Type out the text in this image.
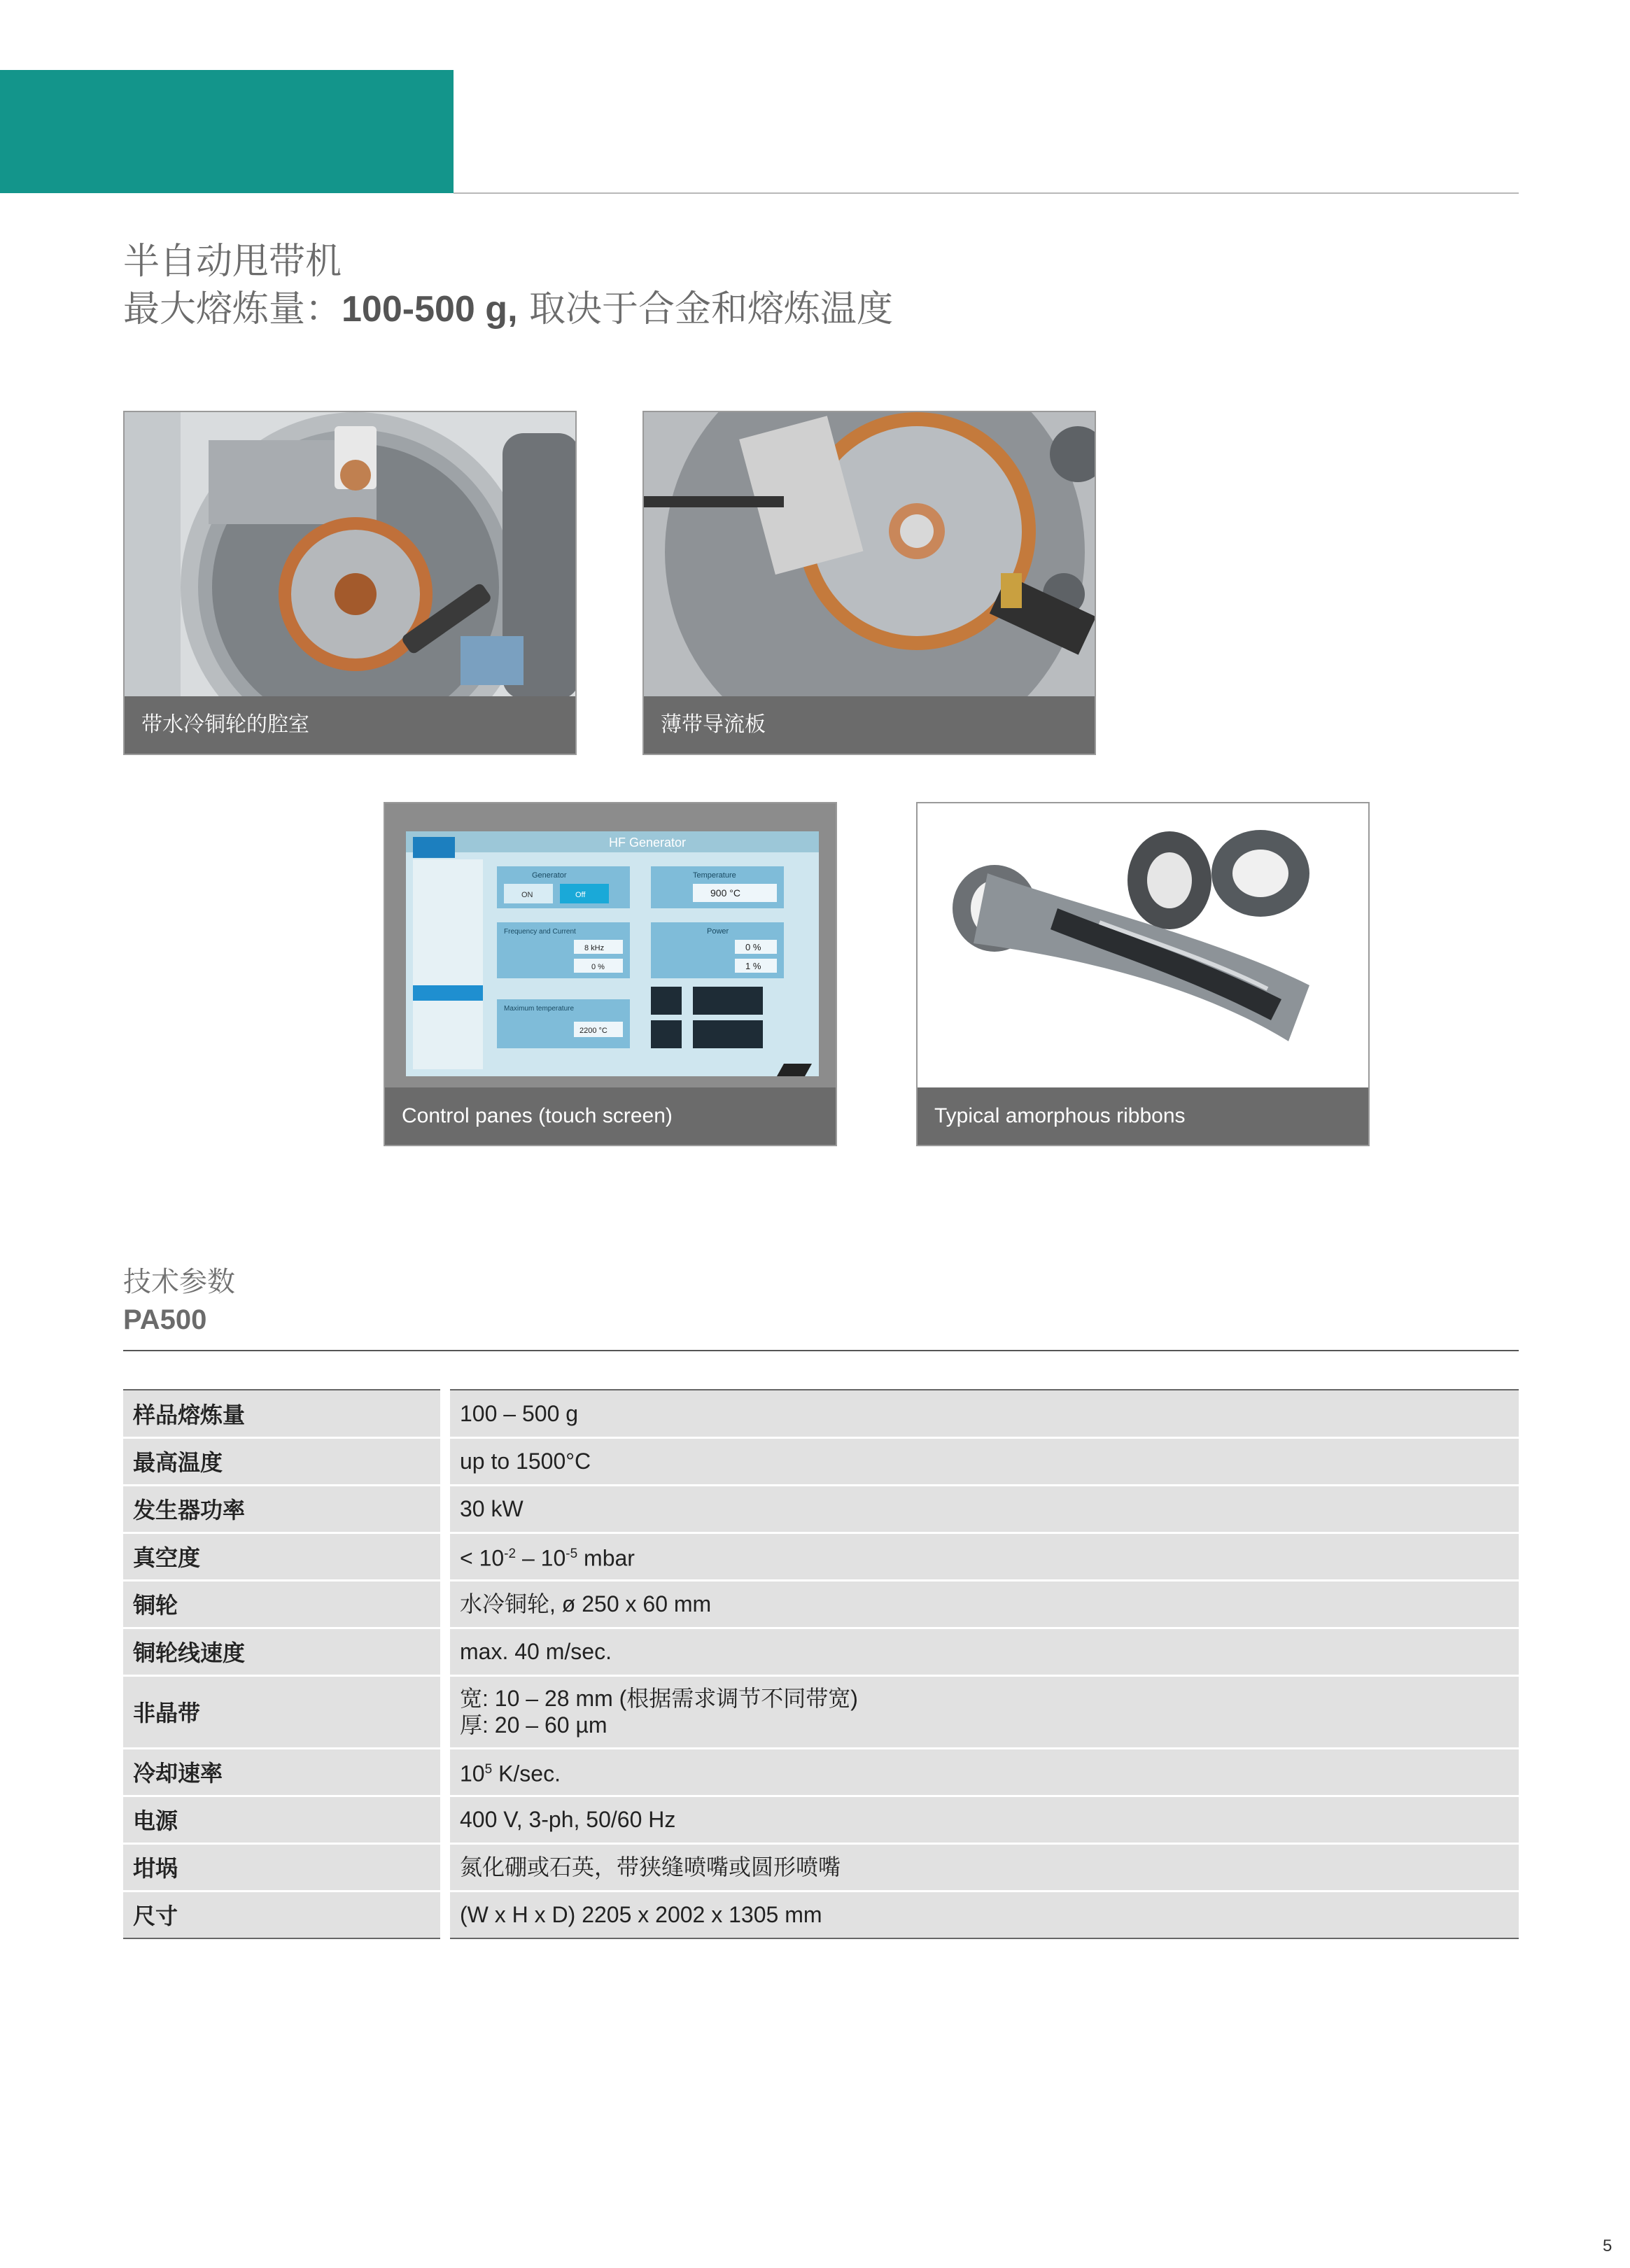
半自动甩带机
最大熔炼量：100-500 g, 取决于合金和熔炼温度
带水冷铜轮的腔室	薄带导流板
HF Generator
Generator
ON	Off
Temperature
900 °C
Frequency and Current
8 kHz
0 %
Power
0 %
1 %
Maximum temperature
2200 °C
Control panes (touch screen)	Typical amorphous ribbons
技术参数
PA500
样品熔炼量	100 – 500 g
最高温度	up to 1500°C
发生器功率	30 kW
真空度	< $10^{-2} - 10^{-5}$ mbar
铜轮	水冷铜轮, ø 250 x 60 mm
铜轮线速度	max. 40 m/sec.
非晶带	宽: 10 – 28 mm (根据需求调节不同带宽)
厚: 20 – 60 µm

冷却速率	$10^5$ K/sec.
电源	400 V, 3-ph, 50/60 Hz
坩埚	氮化硼或石英，带狭缝喷嘴或圆形喷嘴
尺寸	(W x H x D) 2205 x 2002 x 1305 mm
5
